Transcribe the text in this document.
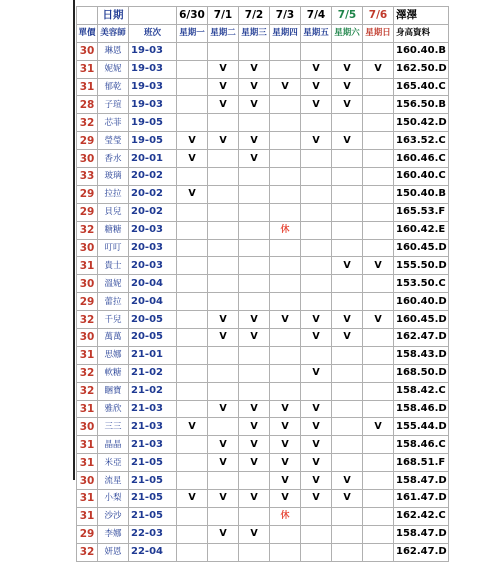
	日期		6/30	7/1	7/2	7/3	7/4	7/5	7/6	澤澤
單價	美容師	班次	星期一	星期二	星期三	星期四	星期五	星期六	星期日	身高資料
30	琳恩	19-03								160.40.B
31	妮妮	19-03		V	V		V	V	V	162.50.D
31	郁乾	19-03		V	V	V	V	V		165.40.C
28	子瑄	19-03		V	V		V	V		156.50.B
32	芯菲	19-05								150.42.D
29	瑩瑩	19-05	V	V	V		V	V		163.52.C
30	香水	20-01	V		V					160.46.C
33	玻璃	20-02								160.40.C
29	拉拉	20-02	V							150.40.B
29	貝兒	20-02								165.53.F
32	糖糖	20-03				休				160.42.E
30	叮叮	20-03								160.45.D
31	貴士	20-03						V	V	155.50.D
30	溫妮	20-04								153.50.C
29	蕾拉	20-04								160.40.D
32	千兒	20-05		V	V	V	V	V	V	160.45.D
30	萬萬	20-05		V	V		V	V		162.47.D
31	思娜	21-01								158.43.D
32	軟糖	21-02					V			168.50.D
32	睏寶	21-02								158.42.C
31	雅欣	21-03		V	V	V	V			158.46.D
30	三三	21-03	V		V	V	V		V	155.44.D
31	晶晶	21-03		V	V	V	V			158.46.C
31	米亞	21-05		V	V	V	V			168.51.F
30	流星	21-05				V	V	V		158.47.D
31	小梨	21-05	V	V	V	V	V	V		161.47.D
31	沙沙	21-05				休				162.42.C
29	李娜	22-03		V	V					158.47.D
32	妍恩	22-04								162.47.D
